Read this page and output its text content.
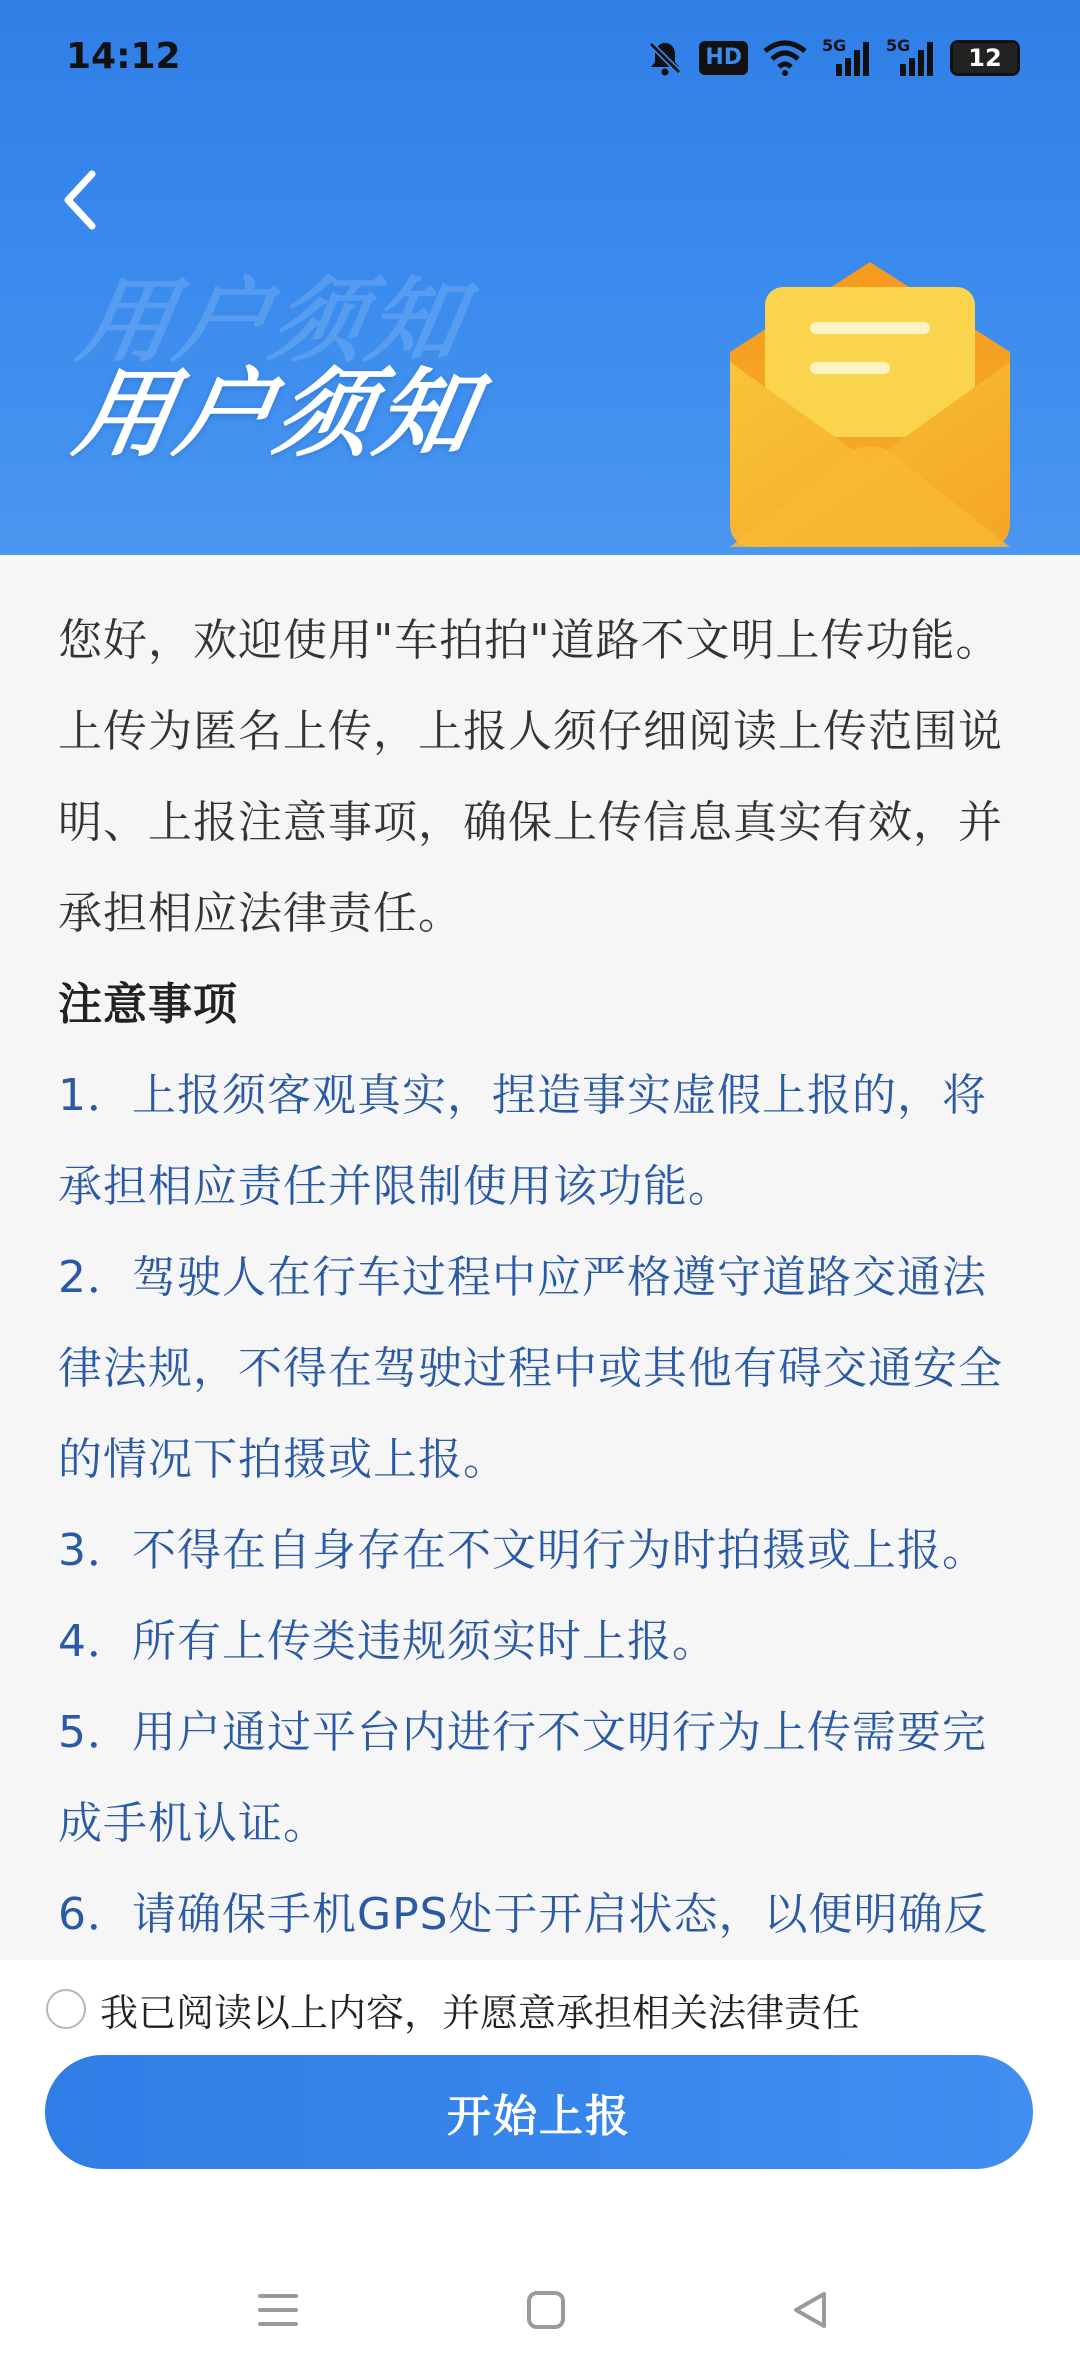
14:12	HD	5G 5G 12
用户须知
用户须知

您好，欢迎使用"车拍拍"道路不文明上传功能。上传为匿名上传，上报人须仔细阅读上传范围说明、上报注意事项，确保上传信息真实有效，并承担相应法律责任。

注意事项

1．上报须客观真实，捏造事实虚假上报的，将承担相应责任并限制使用该功能。

2．驾驶人在行车过程中应严格遵守道路交通法律法规，不得在驾驶过程中或其他有碍交通安全的情况下拍摄或上报。

3．不得在自身存在不文明行为时拍摄或上报。

4．所有上传类违规须实时上报。

5．用户通过平台内进行不文明行为上传需要完成手机认证。

6．请确保手机GPS处于开启状态，以便明确反

我已阅读以上内容，并愿意承担相关法律责任
开始上报
